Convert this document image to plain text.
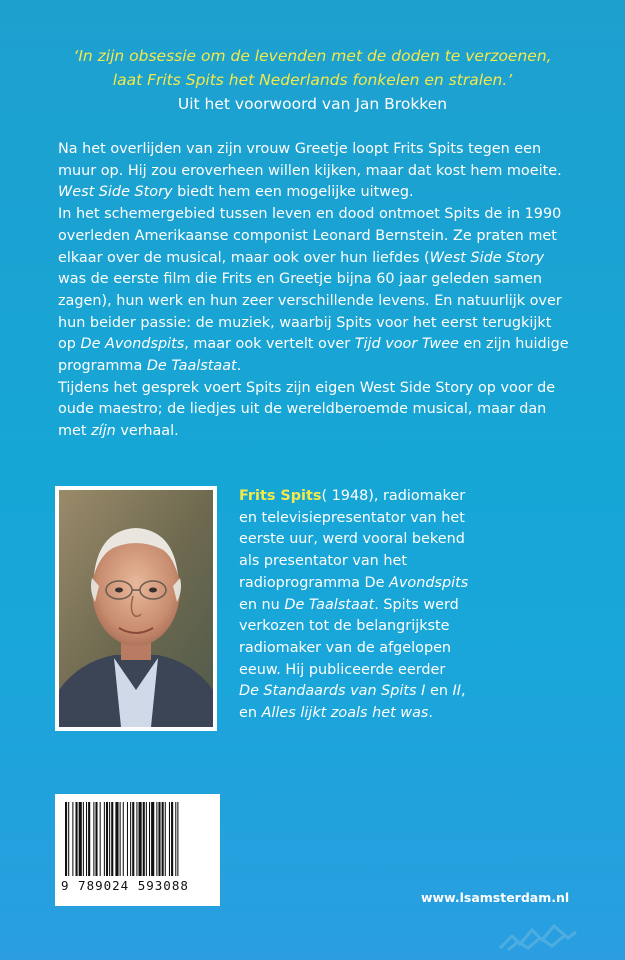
‘In zijn obsessie om de levenden met de doden te verzoenen,
laat Frits Spits het Nederlands fonkelen en stralen.’
Uit het voorwoord van Jan Brokken

Na het overlijden van zijn vrouw Greetje loopt Frits Spits tegen een muur op. Hij zou eroverheen willen kijken, maar dat kost hem moeite. West Side Story biedt hem een mogelijke uitweg.

In het schemergebied tussen leven en dood ontmoet Spits de in 1990 overleden Amerikaanse componist Leonard Bernstein. Ze praten met elkaar over de musical, maar ook over hun liefdes (West Side Story was de eerste film die Frits en Greetje bijna 60 jaar geleden samen zagen), hun werk en hun zeer verschillende levens. En natuurlijk over hun beider passie: de muziek, waarbij Spits voor het eerst terugkijkt op De Avondspits, maar ook vertelt over Tijd voor Twee en zijn huidige programma De Taalstaat.

Tijdens het gesprek voert Spits zijn eigen West Side Story op voor de oude maestro; de liedjes uit de wereldberoemde musical, maar dan met zíjn verhaal.

Frits Spits( 1948), radiomaker en televisiepresentator van het eerste uur, werd vooral bekend als presentator van het radioprogramma De Avondspits en nu De Taalstaat. Spits werd verkozen tot de belangrijkste radiomaker van de afgelopen eeuw. Hij publiceerde eerder De Standaards van Spits I en II, en Alles lijkt zoals het was.
9 789024 593088
www.lsamsterdam.nl
